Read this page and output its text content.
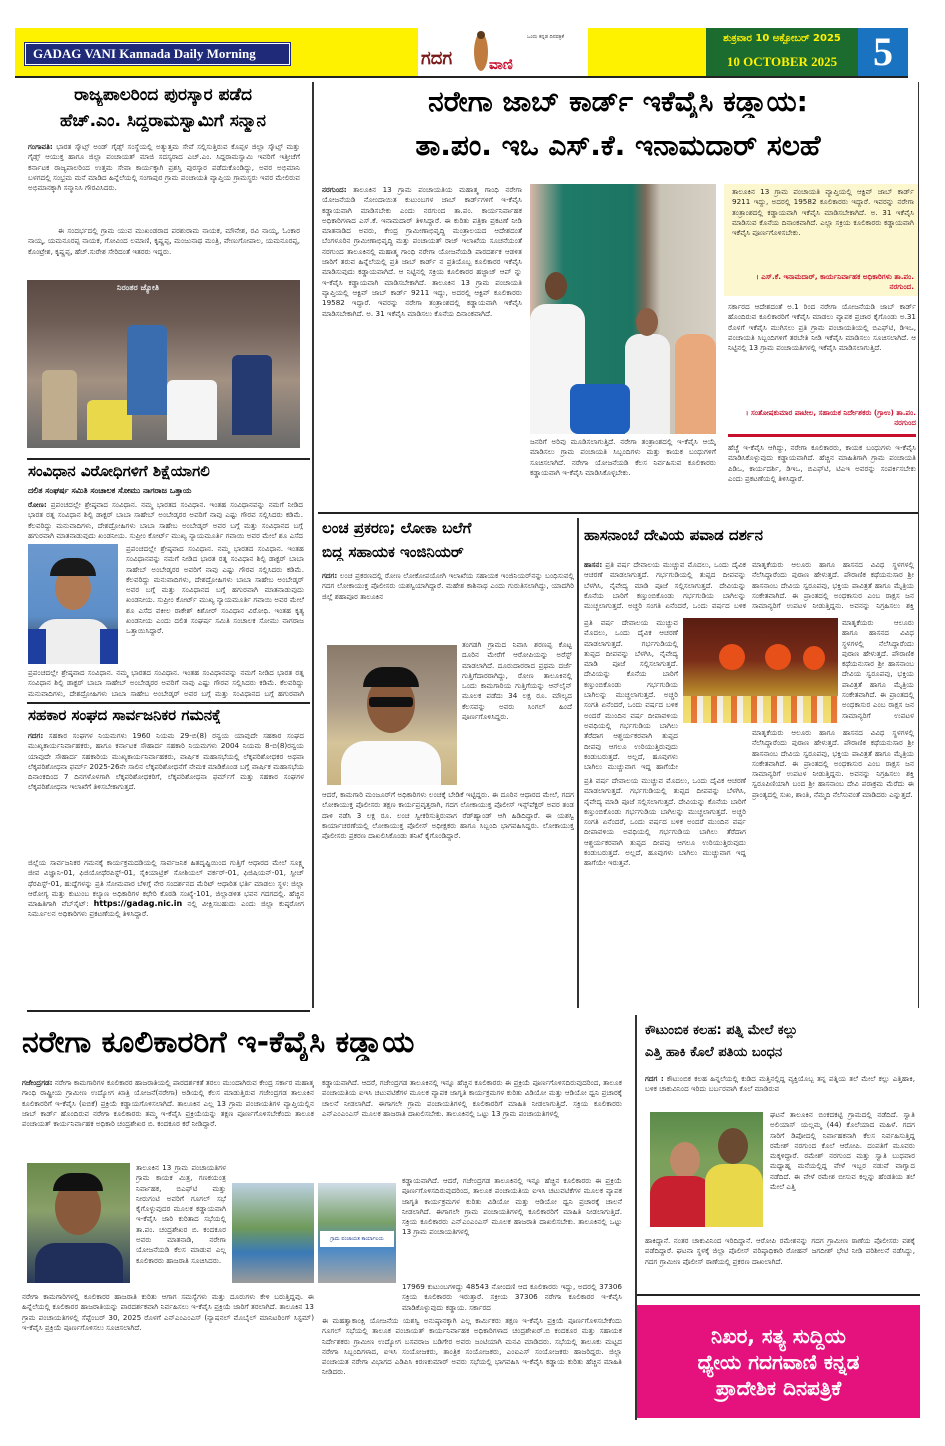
GADAG VANI Kannada Daily Morning	ಗದಗ	ವಾಣಿ
ಒಂದು ಕನ್ನಡ ದಿನಪತ್ರಿಕೆ	ಶುಕ್ರವಾರ 10 ಅಕ್ಟೋಬರ್ 2025
10 OCTOBER 2025 5
ರಾಜ್ಯಪಾಲರಿಂದ ಪುರಸ್ಕಾರ ಪಡೆದ
ಹೆಚ್.ಎಂ. ಸಿದ್ದರಾಮಸ್ವಾಮಿಗೆ ಸನ್ಮಾನ
ಗಂಗಾವತಿ: ಭಾರತ ಸ್ಕೌಟ್ಸ್ ಅಂಡ್ ಗೈಡ್ಸ್ ಸಂಸ್ಥೆಯಲ್ಲಿ ಅತ್ಯುತ್ತಮ ಸೇವೆ ಸಲ್ಲಿಸುತ್ತಿರುವ ಕೊಪ್ಪಳ ಜಿಲ್ಲಾ ಸ್ಕೌಟ್ಸ್ ಮತ್ತು ಗೈಡ್ಸ್ ಆಯುಕ್ತ ಹಾಗೂ ಜಿಲ್ಲಾ ಪಂಚಾಯತ್ ಮಾಜಿ ಸದಸ್ಯರಾದ ಎಚ್.ಎಂ. ಸಿದ್ದರಾಮಸ್ವಾಮಿ ಇವರಿಗೆ ಇತ್ತೀಚೆಗೆ ಕರ್ನಾಟಕ ರಾಜ್ಯಪಾಲರಿಂದ ಉತ್ತಮ ಸೇವಾ ಕಾರ್ಯಕ್ಕಾಗಿ ಪ್ರಶಸ್ತಿ ಪುರಸ್ಕಾರ ಪಡೆದುಕೊಂಡಿದ್ದು, ಅವರ ಅಭಿಮಾನಿ ಬಳಗದಲ್ಲಿ ಸಂಭ್ರಮ ಮನೆ ಮಾಡಿದ ಹಿನ್ನೆಲೆಯಲ್ಲಿ ಸಂಗಾಪುರ ಗ್ರಾಮ ಪಂಚಾಯತಿ ವ್ಯಾಪ್ತಿಯ ಗ್ರಾಮಸ್ಥರು ಇವರ ಮೇಲಿರುವ ಅಭಿಮಾನಕ್ಕಾಗಿ ಸನ್ಮಾನಿಸಿ ಗೌರವಿಸಿದರು.
ಈ ಸಂದರ್ಭದಲ್ಲಿ ಗ್ರಾಮ ಯುವ ಮುಖಂಡರಾದ ಪರಶುರಾಮ ನಾಯಕ, ಮೌನೇಶ, ರವಿ ನಾಯ್ಕ, ಓಂಕಾರ ನಾಯ್ಕ, ಯಮನೂರಪ್ಪ ನಾಯಕ, ಗೋವಿಂದ ಲಮಾಣಿ, ಕೃಷ್ಣಪ್ಪ, ಮಂಜುನಾಥ ಮಂತ್ರಿ, ವೇಣುಗೋಪಾಲ, ಯಮನೂರಪ್ಪ, ಕೊಂಟ್ರೇಶ, ಕೃಷ್ಣಪ್ಪ, ಹೆಚ್.ಸುರೇಶ ಸೇರಿದಂತೆ ಇತರರು ಇದ್ದರು.
ನಿರಂತರ ಜ್ಯೋತಿ
ಸಂವಿಧಾನ ವಿರೋಧಿಗಳಿಗೆ ಶಿಕ್ಷೆಯಾಗಲಿ
ದಲಿತ ಸಂಘರ್ಷ ಸಮಿತಿ ಸಂಚಾಲಕ ಸೋಮು ನಾಗರಾಜ ಒತ್ತಾಯ
ರೋಣ: ಪ್ರಪಂಚದಲ್ಲೇ ಶ್ರೇಷ್ಠವಾದ ಸಂವಿಧಾನ. ನಮ್ಮ ಭಾರತದ ಸಂವಿಧಾನ. ಇಂತಹ ಸಂವಿಧಾನವನ್ನು ನಮಗೆ ನೀಡಿದ ಭಾರತ ರತ್ನ ಸಂವಿಧಾನ ಶಿಲ್ಪಿ ಡಾಕ್ಟರ್ ಬಾಬಾ ಸಾಹೇಬ್ ಅಂಬೇಡ್ಕರರ ಅವರಿಗೆ ನಾವು ಎಷ್ಟು ಗೌರವ ಸಲ್ಲಿಸಿದರು ಕಡಿಮೆ. ಕೆಲವರಿದ್ದು ಮನುವಾದಿಗಳು, ದೇಶದ್ರೋಹಿಗಳು ಬಾಬಾ ಸಾಹೇಬ ಅಂಬೇಡ್ಕರ್ ಅವರ ಬಗ್ಗೆ ಮತ್ತು ಸಂವಿಧಾನದ ಬಗ್ಗೆ ಹಗುರವಾಗಿ ಮಾತನಾಡುವುದು ಖಂಡನೀಯ. ಸುಪ್ರೀಂ ಕೋರ್ಟ್ ಮುಖ್ಯ ನ್ಯಾಯಮೂರ್ತಿ ಗವಾಯಿ ಅವರ ಮೇಲೆ ಶೂ ಎಸೆದ
ಪ್ರಪಂಚದಲ್ಲೇ ಶ್ರೇಷ್ಠವಾದ ಸಂವಿಧಾನ. ನಮ್ಮ ಭಾರತದ ಸಂವಿಧಾನ. ಇಂತಹ ಸಂವಿಧಾನವನ್ನು ನಮಗೆ ನೀಡಿದ ಭಾರತ ರತ್ನ ಸಂವಿಧಾನ ಶಿಲ್ಪಿ ಡಾಕ್ಟರ್ ಬಾಬಾ ಸಾಹೇಬ್ ಅಂಬೇಡ್ಕರರ ಅವರಿಗೆ ನಾವು ಎಷ್ಟು ಗೌರವ ಸಲ್ಲಿಸಿದರು ಕಡಿಮೆ. ಕೆಲವರಿದ್ದು ಮನುವಾದಿಗಳು, ದೇಶದ್ರೋಹಿಗಳು ಬಾಬಾ ಸಾಹೇಬ ಅಂಬೇಡ್ಕರ್ ಅವರ ಬಗ್ಗೆ ಮತ್ತು ಸಂವಿಧಾನದ ಬಗ್ಗೆ ಹಗುರವಾಗಿ ಮಾತನಾಡುವುದು ಖಂಡನೀಯ. ಸುಪ್ರೀಂ ಕೋರ್ಟ್ ಮುಖ್ಯ ನ್ಯಾಯಮೂರ್ತಿ ಗವಾಯಿ ಅವರ ಮೇಲೆ ಶೂ ಎಸೆದ ವಕೀಲ ರಾಕೇಶ್ ಕಿಶೋರ್ ಸಂವಿಧಾನ ವಿರೋಧಿ. ಇಂತಹ ಕೃತ್ಯ ಖಂಡನೀಯ ಎಂದು ದಲಿತ ಸಂಘರ್ಷ ಸಮಿತಿ ಸಂಚಾಲಕ ಸೋಮು ನಾಗರಾಜ ಒತ್ತಾಯಿಸಿದ್ದಾರೆ.
ಪ್ರಪಂಚದಲ್ಲೇ ಶ್ರೇಷ್ಠವಾದ ಸಂವಿಧಾನ. ನಮ್ಮ ಭಾರತದ ಸಂವಿಧಾನ. ಇಂತಹ ಸಂವಿಧಾನವನ್ನು ನಮಗೆ ನೀಡಿದ ಭಾರತ ರತ್ನ ಸಂವಿಧಾನ ಶಿಲ್ಪಿ ಡಾಕ್ಟರ್ ಬಾಬಾ ಸಾಹೇಬ್ ಅಂಬೇಡ್ಕರರ ಅವರಿಗೆ ನಾವು ಎಷ್ಟು ಗೌರವ ಸಲ್ಲಿಸಿದರು ಕಡಿಮೆ. ಕೆಲವರಿದ್ದು ಮನುವಾದಿಗಳು, ದೇಶದ್ರೋಹಿಗಳು ಬಾಬಾ ಸಾಹೇಬ ಅಂಬೇಡ್ಕರ್ ಅವರ ಬಗ್ಗೆ ಮತ್ತು ಸಂವಿಧಾನದ ಬಗ್ಗೆ ಹಗುರವಾಗಿ
ಸಹಕಾರ ಸಂಘದ ಸಾರ್ವಜನಿಕರ ಗಮನಕ್ಕೆ
ಗದಗ: ಸಹಕಾರ ಸಂಘಗಳ ನಿಯಮಗಳು 1960 ನಿಯಮ 29-ಬಿ(8) ರನ್ವಯ ಯಾವುದೇ ಸಹಕಾರ ಸಂಘದ ಮುಖ್ಯಕಾರ್ಯನಿರ್ವಾಹಕರು, ಹಾಗೂ ಕರ್ನಾಟಕ ಸೌಹಾರ್ದ ಸಹಕಾರಿ ನಿಯಮಗಳು 2004 ನಿಯಮ 8-ಬಿ(8)ರನ್ವಯ ಯಾವುದೇ ಸೌಹಾರ್ದ ಸಹಕಾರಿಯ ಮುಖ್ಯಕಾರ್ಯನಿರ್ವಾಹಕರು, ವಾರ್ಷಿಕ ಮಹಾಸಭೆಯಲ್ಲಿ ಲೆಕ್ಕಪರಿಶೋಧಕರ ಅಥವಾ ಲೆಕ್ಕಪರಿಶೋಧನಾ ಫರ್ಮ್ 2025-26ನೇ ಸಾಲಿನ ಲೆಕ್ಕಪರಿಶೋಧನೆಗೆ ನೇಮಕ ಮಾಡಿಕೊಂಡ ಬಗ್ಗೆ ವಾರ್ಷಿಕ ಮಹಾಸಭೆಯ ದಿನಾಂಕದಿಂದ 7 ದಿನಗಳೊಳಗಾಗಿ ಲೆಕ್ಕಪರಿಶೋಧಕರಿಗೆ, ಲೆಕ್ಕಪರಿಶೋಧನಾ ಫರ್ಮ್‌ಗೆ ಮತ್ತು ಸಹಕಾರ ಸಂಘಗಳ ಲೆಕ್ಕಪರಿಶೋಧನಾ ಇಲಾಖೆಗೆ ತಿಳಿಸಬೇಕಾಗುತ್ತದೆ.
ಜಿಲ್ಲೆಯ ಸಾರ್ವಜನಿಕರ ಗಮನಕ್ಕೆ ಕಾರ್ಯಕ್ರಮದಡಿಯಲ್ಲಿ ಸಾರ್ವಜನಿಕ ಹಿತದೃಷ್ಟಿಯಿಂದ ಗುತ್ತಿಗೆ ಆಧಾರದ ಮೇಲೆ ಸೂಕ್ಷ್ಮ ಜೀವ ವಿಜ್ಞಾನಿ-01, ಫಿಜಿಯೋಥೆರಪಿಸ್ಟ್-01, ಸೈಕಿಯಾಟ್ರಿಕ್ ಸೋಶಿಯಲ್ ವರ್ಕರ್-01, ಫಿಜಿಷಿಯನ್-01, ಸ್ಪೀಚ್ ಥೆರಪಿಸ್ಟ್-01, ಹುದ್ದೆಗಳನ್ನು ಪ್ರತಿ ಸೋಮವಾರ ಬೆಳಿಗ್ಗೆ ನೇರ ಸಂದರ್ಶನದ ಮೆರಿಟ್ ಆಧಾರಿತ ಭರ್ತಿ ಮಾಡಲು ಸ್ಥಳ: ಜಿಲ್ಲಾ ಆರೋಗ್ಯ ಮತ್ತು ಕುಟುಂಬ ಕಲ್ಯಾಣ ಅಧಿಕಾರಿಗಳ ಕಛೇರಿ ಕೊಠಡಿ ಸಂಖ್ಯೆ-101, ಜಿಲ್ಲಾಡಳಿತ ಭವನ ಗದಗದಲ್ಲಿ. ಹೆಚ್ಚಿನ ಮಾಹಿತಿಗಾಗಿ ವೆಬ್‌ಸೈಟ್: https://gadag.nic.in ನಲ್ಲಿ ವೀಕ್ಷಿಸಬಹುದು ಎಂದು ಜಿಲ್ಲಾ ಕುಷ್ಠರೋಗ ನಿರ್ಮೂಲನ ಅಧಿಕಾರಿಗಳು ಪ್ರಕಟಣೆಯಲ್ಲಿ ತಿಳಿಸಿದ್ದಾರೆ.
ನರೇಗಾ ಜಾಬ್ ಕಾರ್ಡ್ ಇಕೆವೈಸಿ ಕಡ್ಡಾಯ:
ತಾ.ಪಂ. ಇಒ ಎಸ್.ಕೆ. ಇನಾಮದಾರ್ ಸಲಹೆ
ನರಗುಂದ: ತಾಲೂಕಿನ 13 ಗ್ರಾಮ ಪಂಚಾಯತಿಯ ಮಹಾತ್ಮ ಗಾಂಧಿ ನರೇಗಾ ಯೋಜನೆಯಡಿ ನೋಂದಾಯಿತ ಕುಟುಂಬಗಳ ಜಾಬ್ ಕಾರ್ಡ್‌ಗಳಿಗೆ ಇ-ಕೆವೈಸಿ ಕಡ್ಡಾಯವಾಗಿ ಮಾಡಿಸಬೇಕು ಎಂದು ನರಗುಂದ ತಾ.ಪಂ. ಕಾರ್ಯನಿರ್ವಾಹಕ ಅಧಿಕಾರಿಗಳಾದ ಎಸ್.ಕೆ. ಇನಾಮದಾರ್ ತಿಳಿಸಿದ್ದಾರೆ. ಈ ಕುರಿತು ಪತ್ರಿಕಾ ಪ್ರಕಟಣೆ ನೀಡಿ ಮಾತನಾಡಿದ ಅವರು, ಕೇಂದ್ರ ಗ್ರಾಮೀಣಾಭಿವೃದ್ಧಿ ಮಂತ್ರಾಲಯದ ಆದೇಶದಂತೆ ಬೆಂಗಳೂರಿನ ಗ್ರಾಮೀಣಾಭಿವೃದ್ಧಿ ಮತ್ತು ಪಂಚಾಯತ್ ರಾಜ್ ಇಲಾಖೆಯ ಸೂಚನೆಯಂತೆ ನರಗುಂದ ತಾಲೂಕಿನಲ್ಲಿ ಮಹಾತ್ಮ ಗಾಂಧಿ ನರೇಗಾ ಯೋಜನೆಯಡಿ ಪಾರದರ್ಶಕ ಆಡಳಿತ ಜಾರಿಗೆ ತರುವ ಹಿನ್ನೆಲೆಯಲ್ಲಿ ಪ್ರತಿ ಜಾಬ್ ಕಾರ್ಡ್ ನ ಪ್ರತಿಯೊಬ್ಬ ಕೂಲಿಕಾರರ ಇಕೆವೈಸಿ ಮಾಡಿಸುವುದು ಕಡ್ಡಾಯವಾಗಿದೆ. ಆ ನಿಟ್ಟಿನಲ್ಲಿ ಸಕ್ರಿಯ ಕೂಲಿಕಾರರ ಹಜ್ಜಾಜ್ ಆಪ್ ನ್ನು ಇ-ಕೆವೈಸಿ ಕಡ್ಡಾಯವಾಗಿ ಮಾಡಿಸಬೇಕಾಗಿದೆ. ತಾಲೂಕಿನ 13 ಗ್ರಾಮ ಪಂಚಾಯತಿ ವ್ಯಾಪ್ತಿಯಲ್ಲಿ ಆಕ್ಟಿವ್ ಜಾಬ್ ಕಾರ್ಡ್ 9211 ಇದ್ದು, ಅದರಲ್ಲಿ ಆಕ್ಟಿವ್ ಕೂಲಿಕಾರರು 19582 ಇದ್ದಾರೆ. ಇವರನ್ನು ನರೇಗಾ ತಂತ್ರಾಂಶದಲ್ಲಿ ಕಡ್ಡಾಯವಾಗಿ ಇಕೆವೈಸಿ ಮಾಡಿಸಬೇಕಾಗಿದೆ. ಅ. 31 ಇಕೆವೈಸಿ ಮಾಡಿಸಲು ಕೊನೆಯ ದಿನಾಂಕವಾಗಿದೆ.
ಜನರಿಗೆ ಅರಿವು ಮೂಡಿಸಲಾಗುತ್ತಿದೆ. ನರೇಗಾ ತಂತ್ರಾಂಶದಲ್ಲಿ ಇ-ಕೆವೈಸಿ ಆಯ್ಕೆ ಮಾಡಿಸಲು ಗ್ರಾಮ ಪಂಚಾಯತಿ ಸಿಬ್ಬಂದಿಗಳು ಮತ್ತು ಕಾಯಕ ಬಂಧುಗಳಿಗೆ ಸೂಚಿಸಲಾಗಿದೆ. ನರೇಗಾ ಯೋಜನೆಯಡಿ ಕೆಲಸ ನಿರ್ವಹಿಸುವ ಕೂಲಿಕಾರರು ಕಡ್ಡಾಯವಾಗಿ ಇ-ಕೆವೈಸಿ ಮಾಡಿಸಿಕೊಳ್ಳಬೇಕು.
ತಾಲೂಕಿನ 13 ಗ್ರಾಮ ಪಂಚಾಯತಿ ವ್ಯಾಪ್ತಿಯಲ್ಲಿ ಆಕ್ಟಿವ್ ಜಾಬ್ ಕಾರ್ಡ್ 9211 ಇದ್ದು, ಅದರಲ್ಲಿ 19582 ಕೂಲಿಕಾರರು ಇದ್ದಾರೆ. ಇವರನ್ನು ನರೇಗಾ ತಂತ್ರಾಂಶದಲ್ಲಿ ಕಡ್ಡಾಯವಾಗಿ ಇಕೆವೈಸಿ ಮಾಡಿಸಬೇಕಾಗಿದೆ. ಅ. 31 ಇಕೆವೈಸಿ ಮಾಡಿಸುವ ಕೊನೆಯ ದಿನಾಂಕವಾಗಿದೆ. ಎಲ್ಲಾ ಸಕ್ರಿಯ ಕೂಲಿಕಾರರು ಕಡ್ಡಾಯವಾಗಿ ಇಕೆವೈಸಿ ಪೂರ್ಣಗೊಳಿಸಬೇಕು.
। ಎಸ್.ಕೆ. ಇನಾಮದಾರ್, ಕಾರ್ಯನಿರ್ವಾಹಕ ಅಧಿಕಾರಿಗಳು ತಾ.ಪಂ. ನರಗುಂದ.
ಸರ್ಕಾರದ ಆದೇಶದಂತೆ ಅ.1 ರಿಂದ ನರೇಗಾ ಯೋಜನೆಯಡಿ ಜಾಬ್ ಕಾರ್ಡ್ ಹೊಂದಿರುವ ಕೂಲಿಕಾರರಿಗೆ ಇಕೆವೈಸಿ ಮಾಡಲು ವ್ಯಾಪಕ ಪ್ರಚಾರ ಕೈಗೊಂಡು ಅ.31 ರೊಳಗೆ ಇಕೆವೈಸಿ ಮುಗಿಸಲು ಪ್ರತಿ ಗ್ರಾಮ ಪಂಚಾಯತಿಯಲ್ಲಿ ಬಿಎಫ್‌ಟಿ, ಡಿಇಒ, ಪಂಚಾಯತಿ ಸಿಬ್ಬಂದಿಗಳಿಗೆ ತರಬೇತಿ ನೀಡಿ ಇಕೆವೈಸಿ ಮಾಡಿಸಲು ಸೂಚಿಸಲಾಗಿದೆ. ಆ ನಿಟ್ಟಿನಲ್ಲಿ 13 ಗ್ರಾಮ ಪಂಚಾಯತಿಗಳಲ್ಲಿ ಇಕೆವೈಸಿ ಮಾಡಿಸಲಾಗುತ್ತಿದೆ.
। ಸಂತೋಷಕುಮಾರ ಪಾಟೀಲ, ಸಹಾಯಕ ನಿರ್ದೇಶಕರು (ಗ್ರಾಉ) ತಾ.ಪಂ. ನರಗುಂದ
ಹೆಚ್ಚೆ ಇ-ಕೆವೈಸಿ ಆಗಿದ್ದು, ನರೇಗಾ ಕೂಲಿಕಾರರು, ಕಾಯಕ ಬಂಧುಗಳು ಇ-ಕೆವೈಸಿ ಮಾಡಿಸಿಕೊಳ್ಳುವುದು ಕಡ್ಡಾಯವಾಗಿದೆ. ಹೆಚ್ಚಿನ ಮಾಹಿತಿಗಾಗಿ ಗ್ರಾಮ ಪಂಚಾಯತಿ ಪಿಡಿಒ, ಕಾರ್ಯದರ್ಶಿ, ಡಿಇಒ, ಬಿಎಫ್‌ಟಿ, ಟಿಎಇ ಅವರನ್ನು ಸಂಪರ್ಕಿಸಬೇಕು ಎಂದು ಪ್ರಕಟಣೆಯಲ್ಲಿ ತಿಳಿಸಿದ್ದಾರೆ.
ಲಂಚ ಪ್ರಕರಣ; ಲೋಕಾ ಬಲೆಗೆ
ಬಿದ್ದ ಸಹಾಯಕ ಇಂಜಿನಿಯರ್
ಗದಗ: ಲಂಚ ಪ್ರಕರಣದಲ್ಲಿ ರೋಣ ಲೋಕೋಪಯೋಗಿ ಇಲಾಖೆಯ ಸಹಾಯಕ ಇಂಜಿನಿಯರ್‌ನನ್ನು ಬಂಧಿಸುವಲ್ಲಿ ಗದಗ ಲೋಕಾಯುಕ್ತ ಪೊಲೀಸರು ಯಶಸ್ವಿಯಾಗಿದ್ದಾರೆ. ಮಹೇಶ ಕಾಶಿನಾಥ ಎಂದು ಗುರುತಿಸಲಾಗಿದ್ದು, ಯಾದಗಿರಿ ಜಿಲ್ಲೆ ಶಹಾಪೂರ ತಾಲೂಕಿನ
ತಂಗಡಗಿ ಗ್ರಾಮದ ನಿವಾಸಿ ಶರಣಪ್ಪ ಕೊಟ್ಟ ದೂರಿನ ಮೇರೆಗೆ ಆರೋಪಿಯನ್ನು ಅರೆಸ್ಟ್ ಮಾಡಲಾಗಿದೆ. ದೂರುದಾರರಾದ ಪ್ರಥಮ ದರ್ಜೆ ಗುತ್ತಿಗೆದಾರರಾಗಿದ್ದು, ರೋಣ ತಾಲೂಕಿನಲ್ಲಿ ಒಂದು ಕಾಮಗಾರಿಯ ಗುತ್ತಿಗೆಯನ್ನು ಆನ್‌ಲೈನ್ ಮೂಲಕ ಪಡೆದು 34 ಲಕ್ಷ ರೂ. ಮೌಲ್ಯದ ಕೆಲಸವನ್ನು ಅವರು ಸಿಂಗಲ್ ಹಿಂದೆ ಪೂರ್ಣಗೊಳಿಸಿದ್ದರು.
ಆದರೆ, ಕಾಮಗಾರಿ ಮಂಜೂರ್‌ಗೆ ಅಧಿಕಾರಿಗಳು ಲಂಚಕ್ಕೆ ಬೇಡಿಕೆ ಇಟ್ಟಿದ್ದರು. ಈ ದೂರಿನ ಆಧಾರದ ಮೇಲೆ, ಗದಗ ಲೋಕಾಯುಕ್ತ ಪೊಲೀಸರು ತಕ್ಷಣ ಕಾರ್ಯಪ್ರವೃತ್ತರಾಗಿ, ಗದಗ ಲೋಕಾಯುಕ್ತ ಪೊಲೀಸ್ ಇನ್ಸ್‌ಪೆಕ್ಟರ್ ಅವರ ತಂಡ ದಾಳಿ ನಡೆಸಿ 3 ಲಕ್ಷ ರೂ. ಲಂಚ ಸ್ವೀಕರಿಸುತ್ತಿರುವಾಗ ರೆಡ್‌ಹ್ಯಾಂಡ್ ಆಗಿ ಹಿಡಿದಿದ್ದಾರೆ. ಈ ಯಶಸ್ವಿ ಕಾರ್ಯಾಚರಣೆಯಲ್ಲಿ ಲೋಕಾಯುಕ್ತ ಪೊಲೀಸ್ ಅಧೀಕ್ಷಕರು ಹಾಗೂ ಸಿಬ್ಬಂದಿ ಭಾಗವಹಿಸಿದ್ದರು. ಲೋಕಾಯುಕ್ತ ಪೊಲೀಸರು ಪ್ರಕರಣ ದಾಖಲಿಸಿಕೊಂಡು ತನಿಖೆ ಕೈಗೊಂಡಿದ್ದಾರೆ.
ಹಾಸನಾಂಬೆ ದೇವಿಯ ಪವಾಡ ದರ್ಶನ
ಹಾಸನ: ಪ್ರತಿ ವರ್ಷ ದೇವಾಲಯ ಮುಚ್ಚುವ ಮೊದಲು, ಒಂದು ದೈವಿಕ ಆಚರಣೆ ಮಾಡಲಾಗುತ್ತದೆ. ಗರ್ಭಗುಡಿಯಲ್ಲಿ ತುಪ್ಪದ ದೀಪವನ್ನು ಬೆಳಗಿಸಿ, ನೈವೇದ್ಯ ಮಾಡಿ ಪೂಜೆ ಸಲ್ಲಿಸಲಾಗುತ್ತದೆ. ದೇವಿಯನ್ನು ಕೊನೆಯ ಬಾರಿಗೆ ಕಣ್ತುಂಬಿಕೊಂಡು ಗರ್ಭಗುಡಿಯ ಬಾಗಿಲನ್ನು ಮುಚ್ಚಲಾಗುತ್ತದೆ. ಅಚ್ಚರಿ ಸಂಗತಿ ಏನೆಂದರೆ, ಒಂದು ವರ್ಷದ ಬಳಿಕ
ಮಾತೃಕೆಯರು ಆಲೂರು ಹಾಗೂ ಹಾಸನದ ವಿವಿಧ ಸ್ಥಳಗಳಲ್ಲಿ ನೆಲೆಸಿದ್ದಾರೆಂದು ಪುರಾಣ ಹೇಳುತ್ತದೆ. ಪೌರಾಣಿಕ ಕಥೆಯನುಸಾರ ಶ್ರೀ ಹಾಸನಾಂಬ ದೇವಿಯ ಸ್ವರೂಪವು, ಭಕ್ತಿಯ ಪಾವಿತ್ರತೆ ಹಾಗೂ ಮೈತ್ರಿಯ ಸಂಕೇತವಾಗಿದೆ. ಈ ಪ್ರಾಂತದಲ್ಲಿ ಅಂಧಕಾಸುರ ಎಂಬ ರಾಕ್ಷಸ ಜನ ಸಾಮಾನ್ಯರಿಗೆ ಉಪಟಳ ನೀಡುತ್ತಿದ್ದನು. ಅವನನ್ನು ನಿಗ್ರಹಿಸಲು ಶಕ್ತಿ
ಪ್ರತಿ ವರ್ಷ ದೇವಾಲಯ ಮುಚ್ಚುವ ಮೊದಲು, ಒಂದು ದೈವಿಕ ಆಚರಣೆ ಮಾಡಲಾಗುತ್ತದೆ. ಗರ್ಭಗುಡಿಯಲ್ಲಿ ತುಪ್ಪದ ದೀಪವನ್ನು ಬೆಳಗಿಸಿ, ನೈವೇದ್ಯ ಮಾಡಿ ಪೂಜೆ ಸಲ್ಲಿಸಲಾಗುತ್ತದೆ. ದೇವಿಯನ್ನು ಕೊನೆಯ ಬಾರಿಗೆ ಕಣ್ತುಂಬಿಕೊಂಡು ಗರ್ಭಗುಡಿಯ ಬಾಗಿಲನ್ನು ಮುಚ್ಚಲಾಗುತ್ತದೆ. ಅಚ್ಚರಿ ಸಂಗತಿ ಏನೆಂದರೆ, ಒಂದು ವರ್ಷದ ಬಳಿಕ ಅಂದರೆ ಮುಂದಿನ ವರ್ಷ ದೀಪಾವಳಿಯ ಅವಧಿಯಲ್ಲಿ ಗರ್ಭಗುಡಿಯ ಬಾಗಿಲು ತೆರೆದಾಗ ಆಶ್ಚರ್ಯಕರವಾಗಿ ತುಪ್ಪದ ದೀಪವು ಆಗಲೂ ಉರಿಯುತ್ತಿರುವುದು ಕಂಡುಬರುತ್ತದೆ. ಅಲ್ಲದೆ, ಹೂವುಗಳು ಬಾಗಿಲು ಮುಚ್ಚುವಾಗ ಇದ್ದ ಹಾಗೆಯೇ
ಮಾತೃಕೆಯರು ಆಲೂರು ಹಾಗೂ ಹಾಸನದ ವಿವಿಧ ಸ್ಥಳಗಳಲ್ಲಿ ನೆಲೆಸಿದ್ದಾರೆಂದು ಪುರಾಣ ಹೇಳುತ್ತದೆ. ಪೌರಾಣಿಕ ಕಥೆಯನುಸಾರ ಶ್ರೀ ಹಾಸನಾಂಬ ದೇವಿಯ ಸ್ವರೂಪವು, ಭಕ್ತಿಯ ಪಾವಿತ್ರತೆ ಹಾಗೂ ಮೈತ್ರಿಯ ಸಂಕೇತವಾಗಿದೆ. ಈ ಪ್ರಾಂತದಲ್ಲಿ ಅಂಧಕಾಸುರ ಎಂಬ ರಾಕ್ಷಸ ಜನ ಸಾಮಾನ್ಯರಿಗೆ ಉಪಟಳ
ಪ್ರತಿ ವರ್ಷ ದೇವಾಲಯ ಮುಚ್ಚುವ ಮೊದಲು, ಒಂದು ದೈವಿಕ ಆಚರಣೆ ಮಾಡಲಾಗುತ್ತದೆ. ಗರ್ಭಗುಡಿಯಲ್ಲಿ ತುಪ್ಪದ ದೀಪವನ್ನು ಬೆಳಗಿಸಿ, ನೈವೇದ್ಯ ಮಾಡಿ ಪೂಜೆ ಸಲ್ಲಿಸಲಾಗುತ್ತದೆ. ದೇವಿಯನ್ನು ಕೊನೆಯ ಬಾರಿಗೆ ಕಣ್ತುಂಬಿಕೊಂಡು ಗರ್ಭಗುಡಿಯ ಬಾಗಿಲನ್ನು ಮುಚ್ಚಲಾಗುತ್ತದೆ. ಅಚ್ಚರಿ ಸಂಗತಿ ಏನೆಂದರೆ, ಒಂದು ವರ್ಷದ ಬಳಿಕ ಅಂದರೆ ಮುಂದಿನ ವರ್ಷ ದೀಪಾವಳಿಯ ಅವಧಿಯಲ್ಲಿ ಗರ್ಭಗುಡಿಯ ಬಾಗಿಲು ತೆರೆದಾಗ ಆಶ್ಚರ್ಯಕರವಾಗಿ ತುಪ್ಪದ ದೀಪವು ಆಗಲೂ ಉರಿಯುತ್ತಿರುವುದು ಕಂಡುಬರುತ್ತದೆ. ಅಲ್ಲದೆ, ಹೂವುಗಳು ಬಾಗಿಲು ಮುಚ್ಚುವಾಗ ಇದ್ದ ಹಾಗೆಯೇ ಇರುತ್ತವೆ.
ಮಾತೃಕೆಯರು ಆಲೂರು ಹಾಗೂ ಹಾಸನದ ವಿವಿಧ ಸ್ಥಳಗಳಲ್ಲಿ ನೆಲೆಸಿದ್ದಾರೆಂದು ಪುರಾಣ ಹೇಳುತ್ತದೆ. ಪೌರಾಣಿಕ ಕಥೆಯನುಸಾರ ಶ್ರೀ ಹಾಸನಾಂಬ ದೇವಿಯ ಸ್ವರೂಪವು, ಭಕ್ತಿಯ ಪಾವಿತ್ರತೆ ಹಾಗೂ ಮೈತ್ರಿಯ ಸಂಕೇತವಾಗಿದೆ. ಈ ಪ್ರಾಂತದಲ್ಲಿ ಅಂಧಕಾಸುರ ಎಂಬ ರಾಕ್ಷಸ ಜನ ಸಾಮಾನ್ಯರಿಗೆ ಉಪಟಳ ನೀಡುತ್ತಿದ್ದನು. ಅವನನ್ನು ನಿಗ್ರಹಿಸಲು ಶಕ್ತಿ ಸ್ವರೂಪಿಣಿಯಾಗಿ ಬಂದ ಶ್ರೀ ಹಾಸನಾಂಬ ದೇವಿ ಪರಾಕ್ರಮ ಮೆರೆದು ಈ ಪ್ರಾಂತ್ಯದಲ್ಲಿ ಸುಖ, ಶಾಂತಿ, ನೆಮ್ಮದಿ ನೆಲೆಸುವಂತೆ ಮಾಡಿದರು ಎನ್ನುತ್ತದೆ.
ನರೇಗಾ ಕೂಲಿಕಾರರಿಗೆ ಇ-ಕೆವೈಸಿ ಕಡ್ಡಾಯ
ಗಜೇಂದ್ರಗಡ: ನರೇಗಾ ಕಾಮಗಾರಿಗಳ ಕೂಲಿಕಾರರ ಹಾಜರಾತಿಯಲ್ಲಿ ಪಾರದರ್ಶಕತೆ ತರಲು ಮುಂದಾಗಿರುವ ಕೇಂದ್ರ ಸರ್ಕಾರ ಮಹಾತ್ಮ ಗಾಂಧಿ ರಾಷ್ಟ್ರೀಯ ಗ್ರಾಮೀಣ ಉದ್ಯೋಗ ಖಾತ್ರಿ ಯೋಜನೆ(ನರೇಗಾ) ಅಡಿಯಲ್ಲಿ ಕೆಲಸ ಮಾಡುತ್ತಿರುವ ಗಜೇಂದ್ರಗಡ ತಾಲೂಕಿನ ಕೂಲಿಕಾರರಿಗೆ ಇ-ಕೆವೈಸಿ (ಐಬಿಕೆ) ಪ್ರಕ್ರಿಯೆ ಕಡ್ಡಾಯಗೊಳಿಸಲಾಗಿದೆ. ತಾಲೂಕಿನ ಎಲ್ಲ 13 ಗ್ರಾಮ ಪಂಚಾಯತಿಗಳ ವ್ಯಾಪ್ತಿಯಲ್ಲಿನ ಜಾಬ್ ಕಾರ್ಡ್ ಹೊಂದಿರುವ ನರೇಗಾ ಕೂಲಿಕಾರರು ತಮ್ಮ ಇ-ಕೆವೈಸಿ ಪ್ರಕ್ರಿಯೆಯನ್ನು ತಕ್ಷಣ ಪೂರ್ಣಗೊಳಿಸಬೇಕೆಂದು ತಾಲೂಕ ಪಂಚಾಯತ್ ಕಾರ್ಯನಿರ್ವಾಹಕ ಅಧಿಕಾರಿ ಚಂದ್ರಶೇಖರ ಬಿ. ಕಂದಕೂರ ಕರೆ ನೀಡಿದ್ದಾರೆ.
ತಾಲೂಕಿನ 13 ಗ್ರಾಮ ಪಂಚಾಯತಿಗಳ ಗ್ರಾಮ ಕಾಯಕ ಮಿತ್ರ, ಗಣಕಯಂತ್ರ ನಿರ್ವಾಹಕ, ಬಿಎಫ್‌ಟಿ ಮತ್ತು ನೀರುಗಂಟಿ ಅವರಿಗೆ ಗೂಗಲ್ ಸಭೆ ಕೈಗೊಳ್ಳುವುದರ ಮೂಲಕ ಕಡ್ಡಾಯವಾಗಿ ಇ-ಕೆವೈಸಿ ಜಾರಿ ಕುರಿತಾದ ಸಭೆಯಲ್ಲಿ ತಾ.ಪಂ. ಚಂದ್ರಶೇಖರ ಬಿ. ಕಂದಕೂರ ಅವರು ಮಾತನಾಡಿ, ನರೇಗಾ ಯೋಜನೆಯಡಿ ಕೆಲಸ ಮಾಡುವ ಎಲ್ಲ ಕೂಲಿಕಾರರು ಹಾಜರಾತಿ ಸೂಚಿಸಿದರು.
ನರೇಗಾ ಕಾಮಗಾರಿಗಳಲ್ಲಿ ಕೂಲಿಕಾರರ ಹಾಜರಾತಿ ಕುರಿತು ಆಗಾಗ ಸಮಸ್ಯೆಗಳು ಮತ್ತು ದೂರುಗಳು ಕೇಳಿ ಬರುತ್ತಿದ್ದವು. ಈ ಹಿನ್ನೆಲೆಯಲ್ಲಿ ಕೂಲಿಕಾರರ ಹಾಜರಾತಿಯನ್ನು ಪಾರದರ್ಶಕವಾಗಿ ನಿರ್ವಹಿಸಲು ಇ-ಕೆವೈಸಿ ಪ್ರಕ್ರಿಯೆ ಜಾರಿಗೆ ತರಲಾಗಿದೆ. ತಾಲೂಕಿನ 13 ಗ್ರಾಮ ಪಂಚಾಯತಿಗಳಲ್ಲಿ ಸೆಪ್ಟೆಂಬರ್ 30, 2025 ರೊಳಗೆ ಎನ್‌ಎಂಎಂಎಸ್ (ನ್ಯಾಷನಲ್ ಮೊಬೈಲ್ ಮಾನಿಟರಿಂಗ್ ಸಿಸ್ಟಮ್) ಇ-ಕೆವೈಸಿ ಪ್ರಕ್ರಿಯೆ ಪೂರ್ಣಗೊಳಿಸಲು ಸೂಚಿಸಲಾಗಿದೆ.
ಗ್ರಾಮ ಪಂಚಾಯತ ಕಾರ್ಯಾಲಯ
ಕಡ್ಡಾಯವಾಗಿದೆ. ಆದರೆ, ಗಜೇಂದ್ರಗಡ ತಾಲೂಕಿನಲ್ಲಿ ಇನ್ನೂ ಹೆಚ್ಚಿನ ಕೂಲಿಕಾರರು ಈ ಪ್ರಕ್ರಿಯೆ ಪೂರ್ಣಗೊಳಿಸದಿರುವುದರಿಂದ, ತಾಲೂಕ ಪಂಚಾಯತಿಯ ಐಇಸಿ ಚಟುವಟಿಕೆಗಳ ಮೂಲಕ ವ್ಯಾಪಕ ಜಾಗೃತಿ ಕಾರ್ಯಕ್ರಮಗಳ ಕುರಿತು ವಿಡಿಯೋ ಮತ್ತು ಆಡಿಯೋ ಧ್ವನಿ ಪ್ರಚಾರಕ್ಕೆ ಚಾಲನೆ ನೀಡಲಾಗಿದೆ. ಈಗಾಗಲೇ ಗ್ರಾಮ ಪಂಚಾಯತಿಗಳಲ್ಲಿ ಕೂಲಿಕಾರರಿಗೆ ಮಾಹಿತಿ ನೀಡಲಾಗುತ್ತಿದೆ. ಸಕ್ರಿಯ ಕೂಲಿಕಾರರು ಎನ್‌ಎಂಎಂಎಸ್ ಮೂಲಕ ಹಾಜರಾತಿ ದಾಖಲಿಸಬೇಕು. ತಾಲೂಕಿನಲ್ಲಿ ಒಟ್ಟು 13 ಗ್ರಾಮ ಪಂಚಾಯತಿಗಳಲ್ಲಿ
ಕಡ್ಡಾಯವಾಗಿದೆ. ಆದರೆ, ಗಜೇಂದ್ರಗಡ ತಾಲೂಕಿನಲ್ಲಿ ಇನ್ನೂ ಹೆಚ್ಚಿನ ಕೂಲಿಕಾರರು ಈ ಪ್ರಕ್ರಿಯೆ ಪೂರ್ಣಗೊಳಿಸದಿರುವುದರಿಂದ, ತಾಲೂಕ ಪಂಚಾಯತಿಯ ಐಇಸಿ ಚಟುವಟಿಕೆಗಳ ಮೂಲಕ ವ್ಯಾಪಕ ಜಾಗೃತಿ ಕಾರ್ಯಕ್ರಮಗಳ ಕುರಿತು ವಿಡಿಯೋ ಮತ್ತು ಆಡಿಯೋ ಧ್ವನಿ ಪ್ರಚಾರಕ್ಕೆ ಚಾಲನೆ ನೀಡಲಾಗಿದೆ. ಈಗಾಗಲೇ ಗ್ರಾಮ ಪಂಚಾಯತಿಗಳಲ್ಲಿ ಕೂಲಿಕಾರರಿಗೆ ಮಾಹಿತಿ ನೀಡಲಾಗುತ್ತಿದೆ. ಸಕ್ರಿಯ ಕೂಲಿಕಾರರು ಎನ್‌ಎಂಎಂಎಸ್ ಮೂಲಕ ಹಾಜರಾತಿ ದಾಖಲಿಸಬೇಕು. ತಾಲೂಕಿನಲ್ಲಿ ಒಟ್ಟು 13 ಗ್ರಾಮ ಪಂಚಾಯತಿಗಳಲ್ಲಿ
17969 ಕುಟುಂಬಗಳಿದ್ದು 48543 ನೋಂದಣಿ ಆದ ಕೂಲಿಕಾರರು ಇದ್ದು, ಅದರಲ್ಲಿ 37306 ಸಕ್ರಿಯ ಕೂಲಿಕಾರರು ಇರುತ್ತಾರೆ. ಸಕ್ರೀಯ 37306 ನರೇಗಾ ಕೂಲಿಕಾರರ ಇ-ಕೆವೈಸಿ ಮಾಡಿಕೊಳ್ಳುವುದು ಕಡ್ಡಾಯ. ಸರ್ಕಾರದ
ಈ ಮಹತ್ವಾಕಾಂಕ್ಷಿ ಯೋಜನೆಯ ಯಶಸ್ವಿ ಅನುಷ್ಠಾನಕ್ಕಾಗಿ ಎಲ್ಲ ಕಾರ್ಮಿಕರು ತಕ್ಷಣ ಇ-ಕೆವೈಸಿ ಪ್ರಕ್ರಿಯೆ ಪೂರ್ಣಗೊಳಿಸಬೇಕೆಂದು ಗೂಗಲ್ ಸಭೆಯಲ್ಲಿ ತಾಲೂಕ ಪಂಚಾಯತ್ ಕಾರ್ಯನಿರ್ವಾಹಕ ಅಧಿಕಾರಿಗಳಾದ ಚಂದ್ರಶೇಖರ್.ಬಿ ಕಂದಕೂರ ಮತ್ತು ಸಹಾಯಕ ನಿರ್ದೇಶಕರು ಗ್ರಾಮೀಣ ಉದ್ಯೋಗ ಬಸವರಾಜ ಬಡಿಗೇರ ಅವರು ಜಂಟಿಯಾಗಿ ಮನವಿ ಮಾಡಿದರು. ಸಭೆಯಲ್ಲಿ ತಾಲೂಕು ಮಟ್ಟದ ನರೇಗಾ ಸಿಬ್ಬಂದಿಗಳಾದ, ಐಇಸಿ ಸಂಯೋಜಕರು, ತಾಂತ್ರಿಕ ಸಂಯೋಜಕರು, ಎಂಐಎಸ್ ಸಂಯೋಜಕರು ಹಾಜರಿದ್ದರು. ಜಿಲ್ಲಾ ಪಂಚಾಯತ ನರೇಗಾ ವಿಭಾಗದ ಎಡಿಪಿಸಿ ಕಿರಣಕುಮಾರ್ ಅವರು ಸಭೆಯಲ್ಲಿ ಭಾಗವಹಿಸಿ ಇ-ಕೆವೈಸಿ ಕಡ್ಡಾಯ ಕುರಿತು ಹೆಚ್ಚಿನ ಮಾಹಿತಿ ನೀಡಿದರು.
ಕೌಟುಂಬಿಕ ಕಲಹ: ಪತ್ನಿ ಮೇಲೆ ಕಲ್ಲು
ಎತ್ತಿ ಹಾಕಿ ಕೊಲೆ ಪತಿಯ ಬಂಧನ
ಗದಗ : ಕೌಟುಂಬಿಕ ಕಲಹ ಹಿನ್ನಲೆಯಲ್ಲಿ ಕುಡಿದ ಮತ್ತಿನಲ್ಲಿದ್ದ ವ್ಯಕ್ತಿಯೊಬ್ಬ ತನ್ನ ಪತ್ನಿಯ ತಲೆ ಮೇಲೆ ಕಲ್ಲು ಎತ್ತಿಹಾಕಿ, ಬಳಿಕ ಚಾಕುವಿನಿಂದ ಇರಿದು ಬರ್ಬರವಾಗಿ ಕೊಲೆ ಮಾಡಿರುವ
ಘಟನೆ ತಾಲೂಕಿನ ಬಿಂಕದಕಟ್ಟಿ ಗ್ರಾಮದಲ್ಲಿ ನಡೆದಿದೆ. ಸ್ವಾತಿ ಅಲಿಯಾಸ್ ಯಲ್ಲಮ್ಮ (44) ಕೊಲೆಯಾದ ಮಹಿಳೆ. ಗದಗ ಸಾರಿಗೆ ಡಿಪೋದಲ್ಲಿ ನಿರ್ವಾಹಕನಾಗಿ ಕೆಲಸ ನಿರ್ವಹಿಸುತ್ತಿದ್ದ ರಮೇಶ್ ನರಗುಂದ ಕೊಲೆ ಆರೋಪಿ. ದಂಪತಿಗೆ ಮೂವರು ಮಕ್ಕಳಿದ್ದಾರೆ. ರಮೇಶ್ ನರಗುಂದ ಮತ್ತು ಸ್ವಾತಿ ಬುಧವಾರ ಮಧ್ಯಾಹ್ನ ಮನೆಯಲ್ಲಿದ್ದ ವೇಳೆ ಇಬ್ಬರ ನಡುವೆ ವಾಗ್ವಾದ ನಡೆದಿದೆ. ಈ ವೇಳೆ ರಮೇಶ ಬೀಸುವ ಕಲ್ಲನ್ನು ಹೆಂಡತಿಯ ತಲೆ ಮೇಲೆ ಎತ್ತಿ
ಹಾಕಿದ್ದಾನೆ. ನಂತರ ಚಾಕುವಿನಿಂದ ಇರಿದಿದ್ದಾನೆ. ಆರೋಪಿ ರಮೇಶನನ್ನು ಗದಗ ಗ್ರಾಮೀಣ ಠಾಣೆಯ ಪೊಲೀಸರು ವಶಕ್ಕೆ ಪಡೆದಿದ್ದಾರೆ. ಘಟನಾ ಸ್ಥಳಕ್ಕೆ ಜಿಲ್ಲಾ ಪೊಲೀಸ್ ವರಿಷ್ಠಾಧಿಕಾರಿ ರೋಹನ್ ಜಗದೀಶ್ ಭೇಟಿ ನೀಡಿ ಪರಿಶೀಲನೆ ನಡೆಸಿದ್ದು, ಗದಗ ಗ್ರಾಮೀಣ ಪೊಲೀಸ್ ಠಾಣೆಯಲ್ಲಿ ಪ್ರಕರಣ ದಾಖಲಾಗಿದೆ.
ನಿಖರ, ಸತ್ಯ ಸುದ್ದಿಯ
ಧ್ಯೇಯ ಗದಗವಾಣಿ ಕನ್ನಡ
ಪ್ರಾದೇಶಿಕ ದಿನಪತ್ರಿಕೆ
